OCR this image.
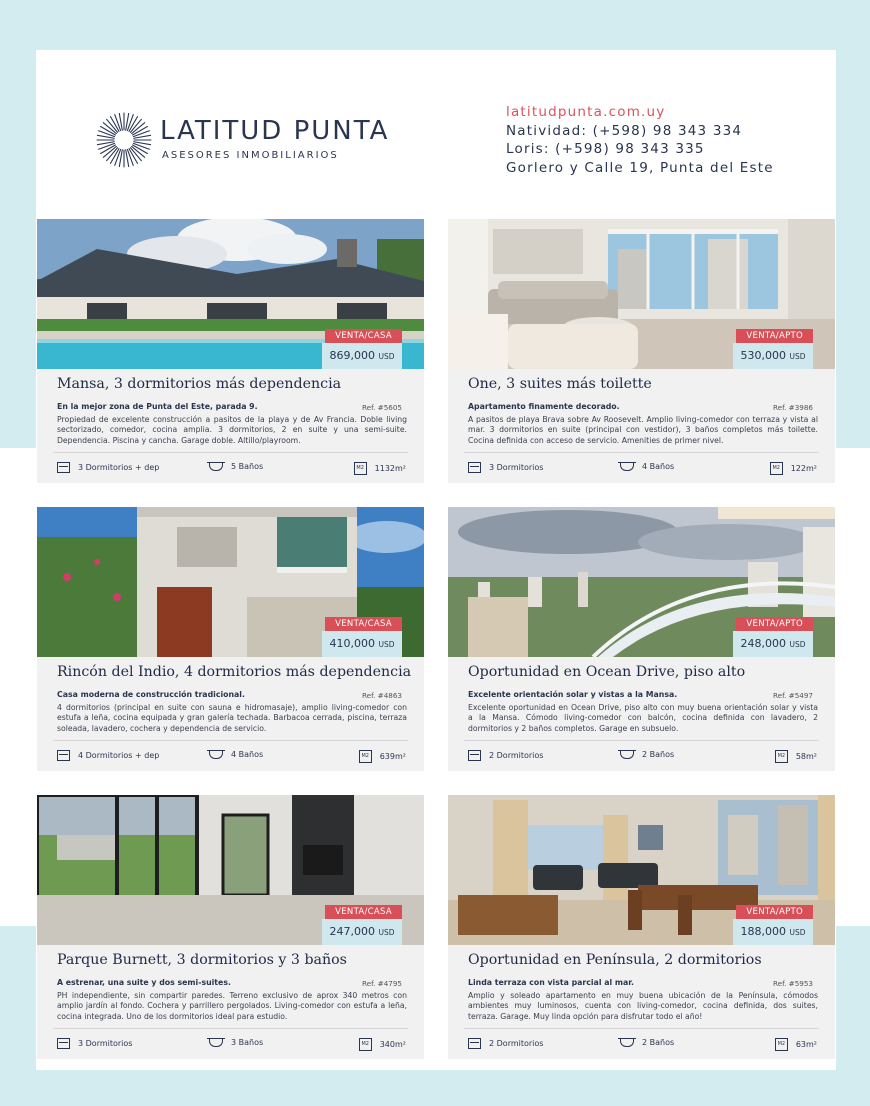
LATITUD PUNTA
ASESORES INMOBILIARIOS
latitudpunta.com.uy
Natividad: (+598) 98 343 334
Loris: (+598) 98 343 335
Gorlero y Calle 19, Punta del Este
VENTA/CASA
869,000 USD
Mansa, 3 dormitorios más dependencia
En la mejor zona de Punta del Este, parada 9.	Ref. #5605
Propiedad de excelente construcción a pasitos de la playa y de Av Francia. Doble living sectorizado, comedor, cocina amplia. 3 dormitorios, 2 en suite y una semi-suite. Dependencia. Piscina y cancha. Garage doble. Altillo/playroom.
3 Dormitorios + dep	5 Baños	M2	1132m²
VENTA/APTO
530,000 USD
One, 3 suites más toilette
Apartamento finamente decorado.	Ref. #3986
A pasitos de playa Brava sobre Av Roosevelt. Amplio living-comedor con terraza y vista al mar. 3 dormitorios en suite (principal con vestidor), 3 baños completos más toilette. Cocina definida con acceso de servicio. Amenities de primer nivel.
3 Dormitorios	4 Baños	M2	122m²
VENTA/CASA
410,000 USD
Rincón del Indio, 4 dormitorios más dependencia
Casa moderna de construcción tradicional.	Ref. #4863
4 dormitorios (principal en suite con sauna e hidromasaje), amplio living-comedor con estufa a leña, cocina equipada y gran galería techada. Barbacoa cerrada, piscina, terraza soleada, lavadero, cochera y dependencia de servicio.
4 Dormitorios + dep	4 Baños	M2	639m²
VENTA/APTO
248,000 USD
Oportunidad en Ocean Drive, piso alto
Excelente orientación solar y vistas a la Mansa.	Ref. #5497
Excelente oportunidad en Ocean Drive, piso alto con muy buena orientación solar y vista a la Mansa. Cómodo living-comedor con balcón, cocina definida con lavadero, 2 dormitorios y 2 baños completos. Garage en subsuelo.
2 Dormitorios	2 Baños	M2	58m²
VENTA/CASA
247,000 USD
Parque Burnett, 3 dormitorios y 3 baños
A estrenar, una suite y dos semi-suites.	Ref. #4795
PH independiente, sin compartir paredes. Terreno exclusivo de aprox 340 metros con amplio jardín al fondo. Cochera y parrillero pergolados. Living-comedor con estufa a leña, cocina integrada. Uno de los dormitorios ideal para estudio.
3 Dormitorios	3 Baños	M2	340m²
VENTA/APTO
188,000 USD
Oportunidad en Península, 2 dormitorios
Linda terraza con vista parcial al mar.	Ref. #5953
Amplio y soleado apartamento en muy buena ubicación de la Península, cómodos ambientes muy luminosos, cuenta con living-comedor, cocina definida, dos suites, terraza. Garage. Muy linda opción para disfrutar todo el año!
2 Dormitorios	2 Baños	M2	63m²
